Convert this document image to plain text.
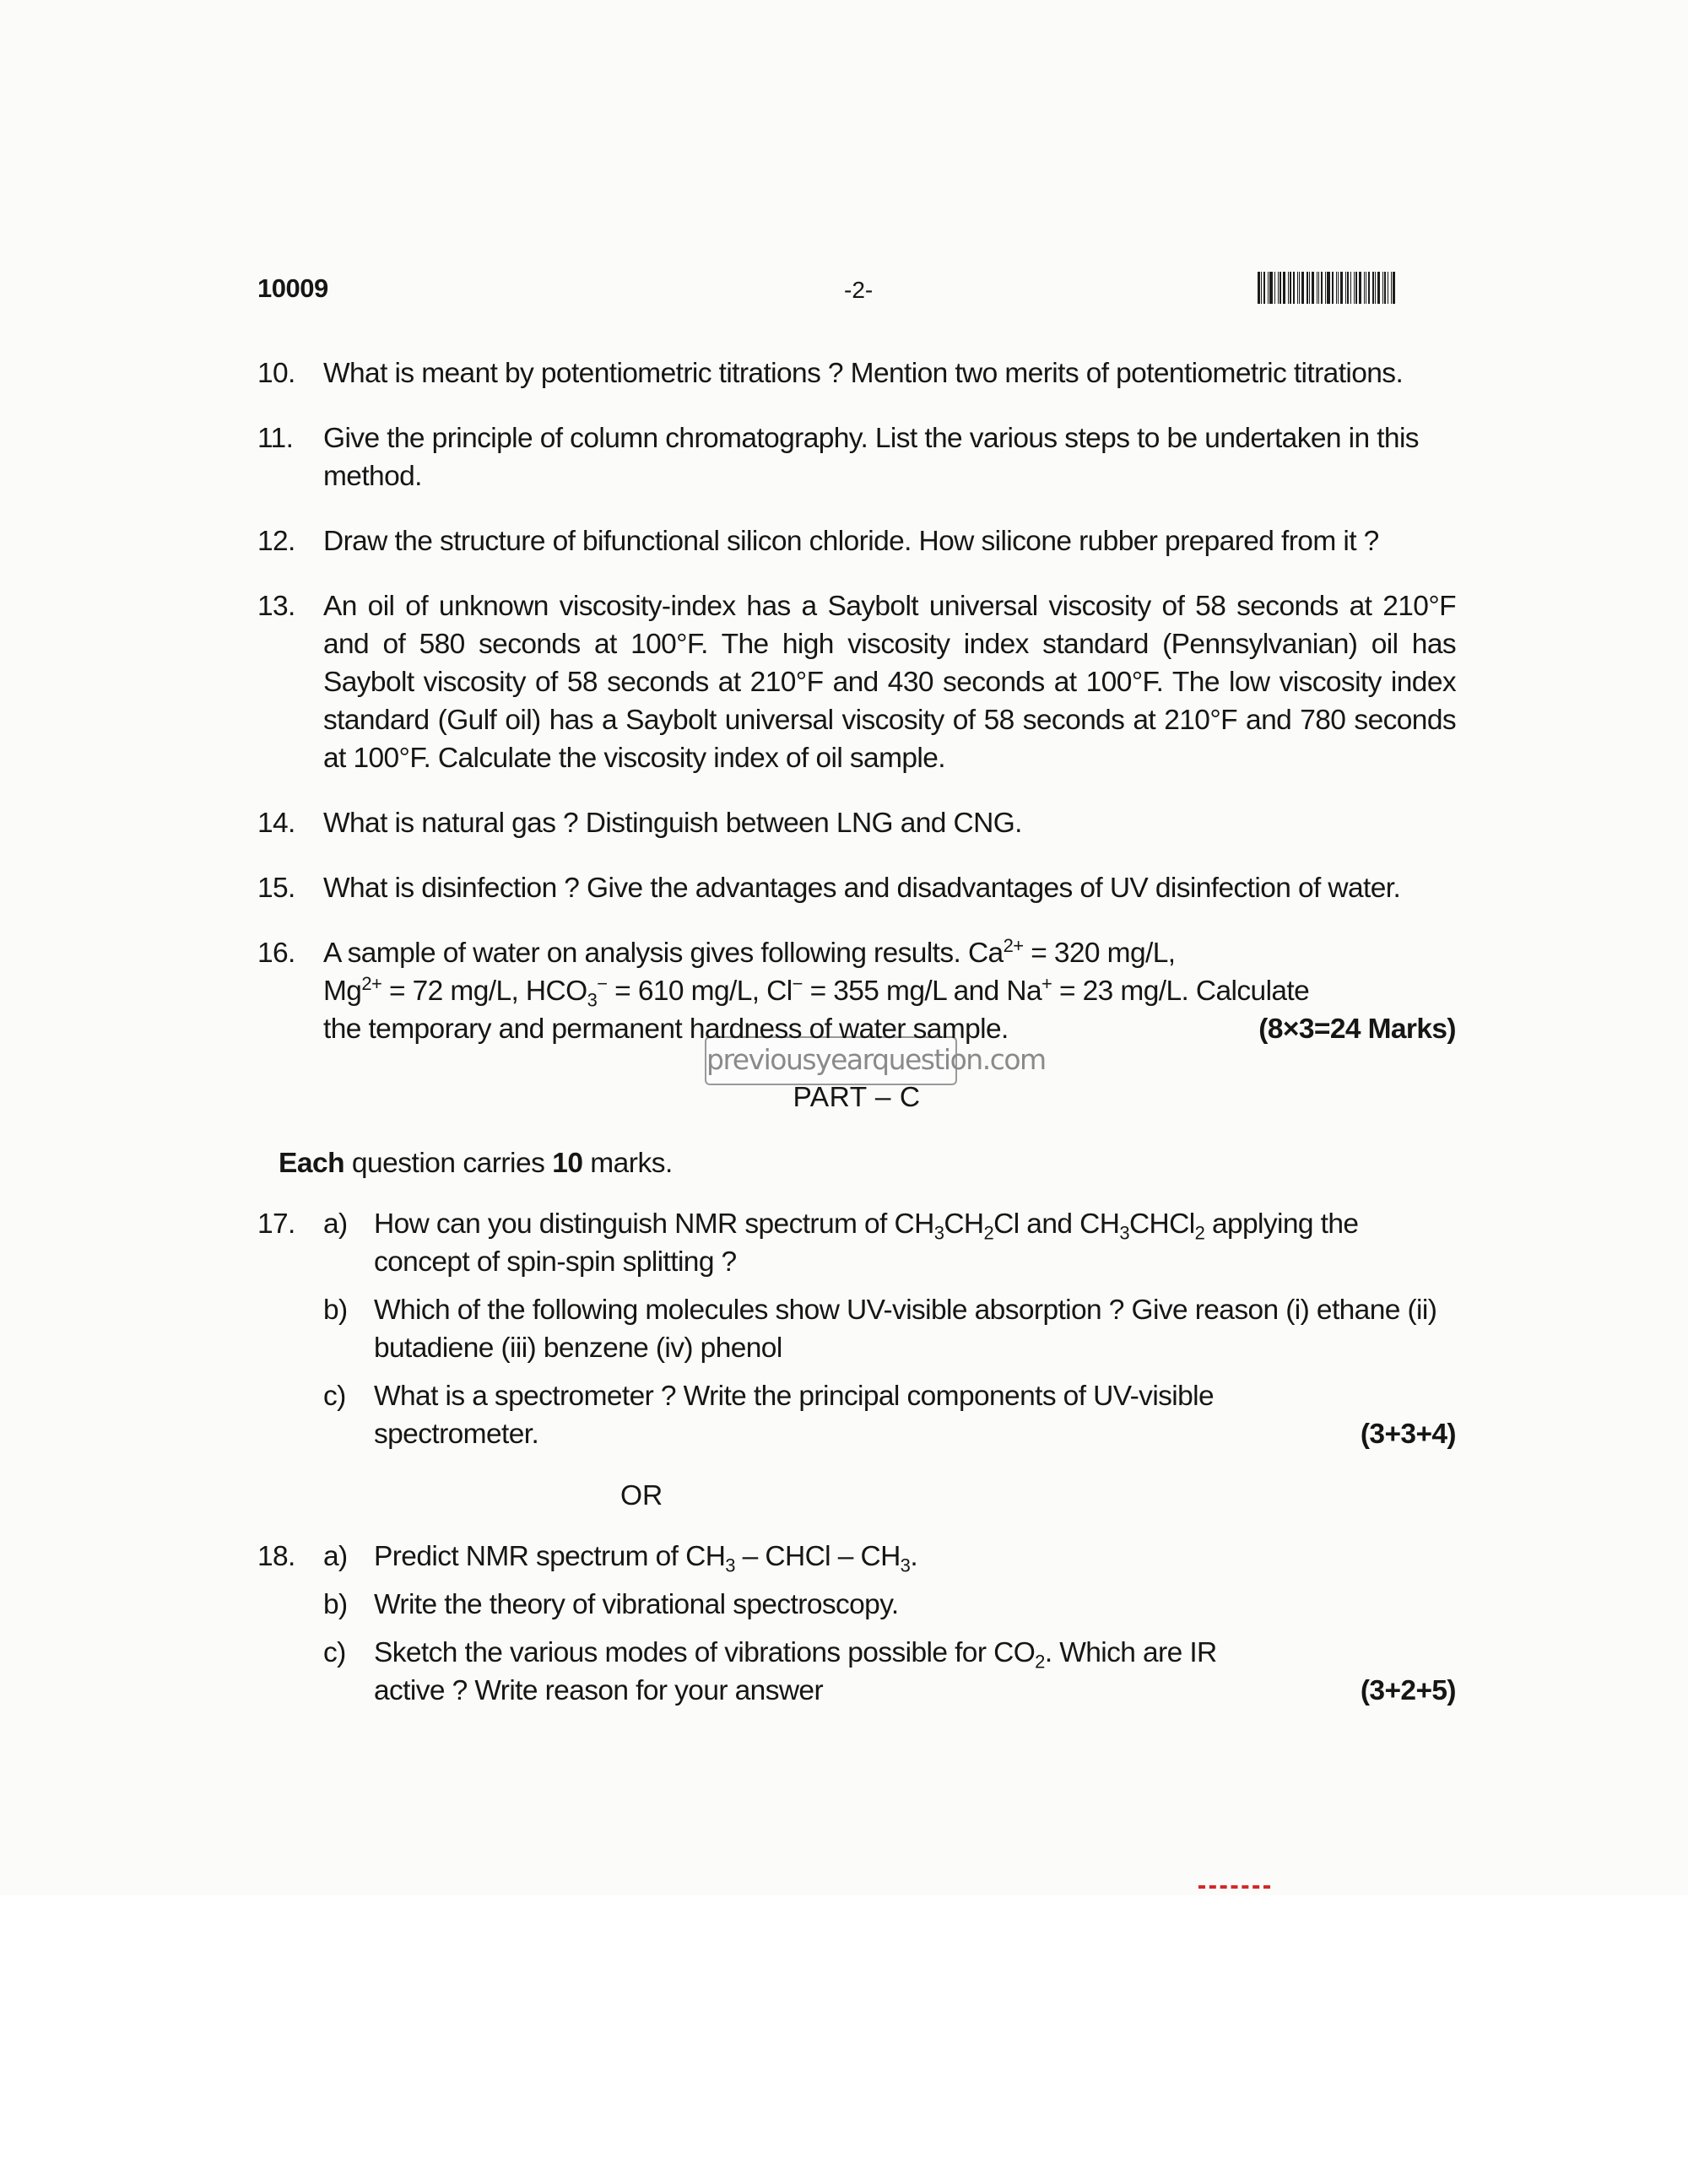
10009	-2-
previousyearquestion.com
10. What is meant by potentiometric titrations ? Mention two merits of potentiometric titrations.
11. Give the principle of column chromatography. List the various steps to be undertaken in this method.
12. Draw the structure of bifunctional silicon chloride. How silicone rubber prepared from it ?
13. An oil of unknown viscosity-index has a Saybolt universal viscosity of 58 seconds at 210°F and of 580 seconds at 100°F. The high viscosity index standard (Pennsylvanian) oil has Saybolt viscosity of 58 seconds at 210°F and 430 seconds at 100°F. The low viscosity index standard (Gulf oil) has a Saybolt universal viscosity of 58 seconds at 210°F and 780 seconds at 100°F. Calculate the viscosity index of oil sample.
14. What is natural gas ? Distinguish between LNG and CNG.
15. What is disinfection ? Give the advantages and disadvantages of UV disinfection of water.
16. A sample of water on analysis gives following results. $Ca^{2+} = 320$ mg/L,
$Mg^{2+} = 72$ mg/L, $HCO_3^- = 610$ mg/L, Cl− = 355 mg/L and Na+ = 23 mg/L. Calculate

the temporary and permanent hardness of water sample.	(8×3=24 Marks)
PART – C
Each question carries 10 marks.
17. a) How can you distinguish NMR spectrum of $CH_3CH_2Cl$ and $CH_3CHCl_2$ applying the concept of spin-spin splitting ?
b) Which of the following molecules show UV-visible absorption ? Give reason (i) ethane (ii) butadiene (iii) benzene (iv) phenol
c) What is a spectrometer ? Write the principal components of UV-visible

spectrometer.	(3+3+4)
OR
18. a) Predict NMR spectrum of $CH_3$ – CHCl – $CH_3$.
b) Write the theory of vibrational spectroscopy.
c) Sketch the various modes of vibrations possible for $CO_2$. Which are IR

active ? Write reason for your answer	(3+2+5)
